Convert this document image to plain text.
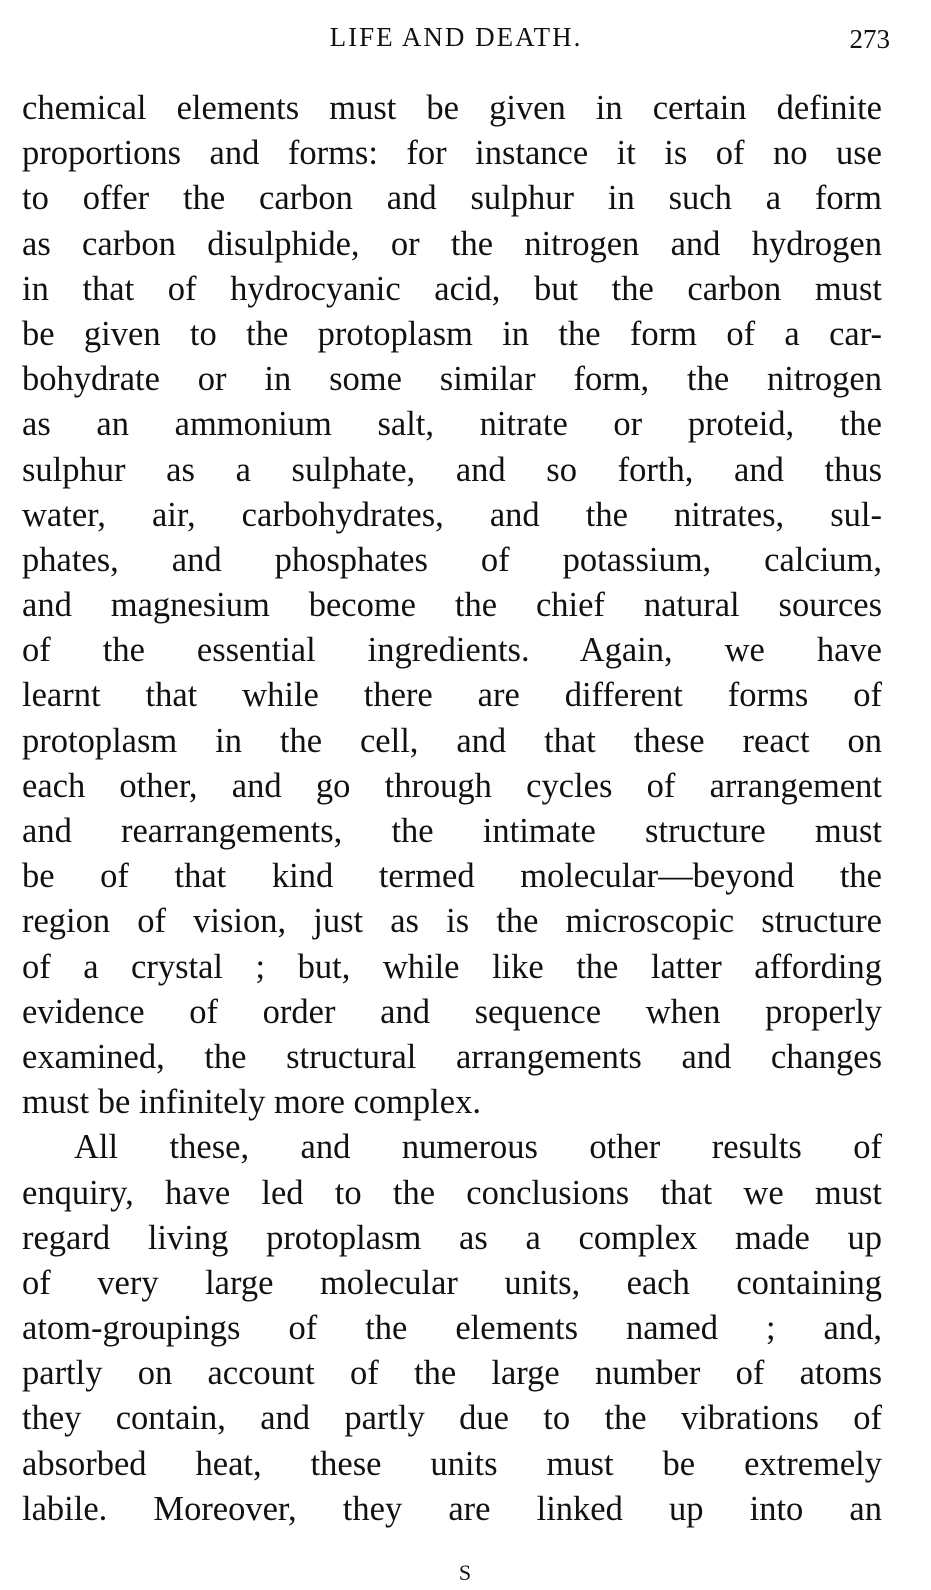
LIFE AND DEATH.	273
chemical elements must be given in certain definite
proportions and forms: for instance it is of no use
to offer the carbon and sulphur in such a form
as carbon disulphide, or the nitrogen and hydrogen
in that of hydrocyanic acid, but the carbon must
be given to the protoplasm in the form of a car-
bohydrate or in some similar form, the nitrogen
as an ammonium salt, nitrate or proteid, the
sulphur as a sulphate, and so forth, and thus
water, air, carbohydrates, and the nitrates, sul-
phates, and phosphates of potassium, calcium,
and magnesium become the chief natural sources
of the essential ingredients. Again, we have
learnt that while there are different forms of
protoplasm in the cell, and that these react on
each other, and go through cycles of arrangement
and rearrangements, the intimate structure must
be of that kind termed molecular—beyond the
region of vision, just as is the microscopic structure
of a crystal ; but, while like the latter affording
evidence of order and sequence when properly
examined, the structural arrangements and changes
must be infinitely more complex.
All these, and numerous other results of
enquiry, have led to the conclusions that we must
regard living protoplasm as a complex made up
of very large molecular units, each containing
atom-groupings of the elements named ; and,
partly on account of the large number of atoms
they contain, and partly due to the vibrations of
absorbed heat, these units must be extremely
labile. Moreover, they are linked up into an
S
